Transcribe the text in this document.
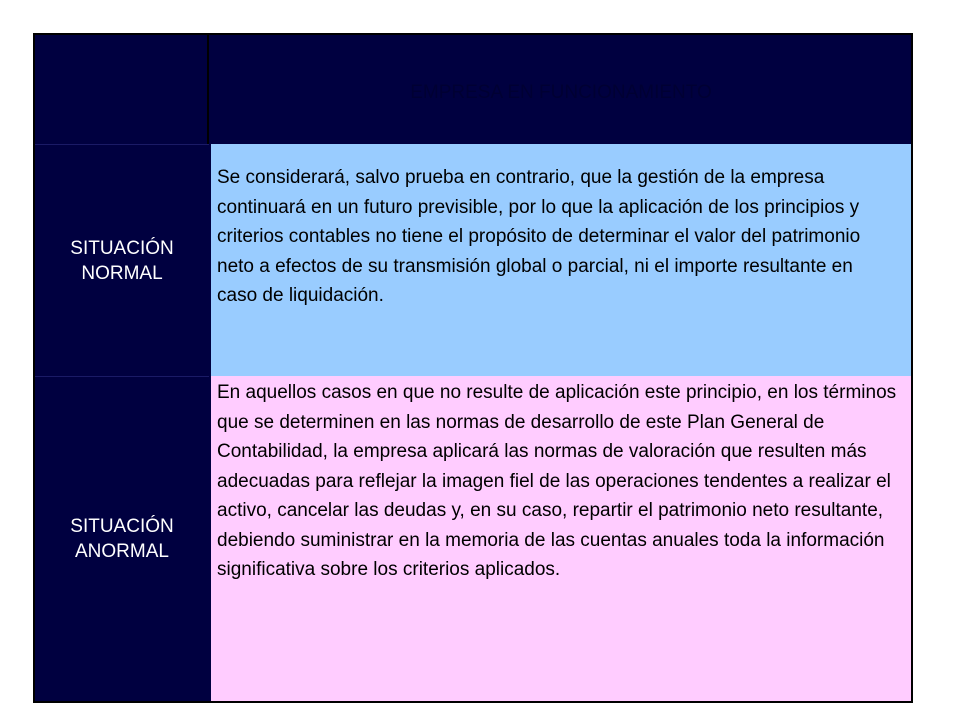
EMPRESA EN FUNCIONAMIENTO
SITUACIÓN
NORMAL
Se considerará, salvo prueba en contrario, que la gestión de la empresa continuará en un futuro previsible, por lo que la aplicación de los principios y criterios contables no tiene el propósito de determinar el valor del patrimonio neto a efectos de su transmisión global o parcial, ni el importe resultante en caso de liquidación.
SITUACIÓN
ANORMAL
En aquellos casos en que no resulte de aplicación este principio, en los términos que se determinen en las normas de desarrollo de este Plan General de Contabilidad, la empresa aplicará las normas de valoración que resulten más adecuadas para reflejar la imagen fiel de las operaciones tendentes a realizar el activo, cancelar las deudas y, en su caso, repartir el patrimonio neto resultante, debiendo suministrar en la memoria de las cuentas anuales toda la información significativa sobre los criterios aplicados.
